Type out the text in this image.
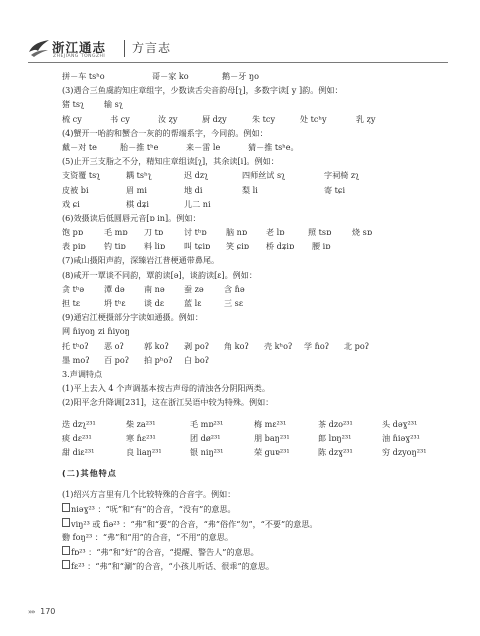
浙江通志
ZHEJIANG TONGZHI
方言志
拼－车 tsʰo	哥－家 ko	鹅－牙 ŋo
(3)遇合三鱼虞韵知庄章组字，少数读舌尖音韵母[ʅ]，多数字读[ y ]韵。例如：
猪 tsʅ	输 sʅ
梳 cy	书 cy	汝 ȥy	厨 dȥy	朱 tcy	处 tcʰy	乳 ȥy
(4)蟹开一咍韵和蟹合一灰韵的帮端系字，今同韵。例如：
戴－对 te	胎－推 tʰe	来－雷 le	猜－推 tsʰe。
(5)止开三支脂之不分，精知庄章组读[ʅ]，其余读[i]。例如：
支资覆 tsʅ	耦 tsʰʅ	迟 dzʅ	四师丝试 sʅ	字祠椅 zʅ
皮被 bi	眉 mi	地 di	梨 li	寄 tɕi
戏 ɕi	棋 dʑi	儿二 ni
(6)效摄读后低圆唇元音[ɒ in]。例如：
饱 pɒ	毛 mɒ	刀 tɒ	讨 tʰɒ	脑 nɒ	老 lɒ	照 tsɒ	烧 sɒ
表 piɒ	钓 tiɒ	料 liɒ	叫 tɕiɒ	笑 ɕiɒ	桥 dʑiɒ	腰 iɒ
(7)咸山摄阳声韵，深臻岩江普梗通带鼻尾。
(8)咸开一覃谈不同韵，覃韵读[ə]，谈韵读[ɛ]。例如：
贪 tʰə	潭 də	南 nə	蚕 zə	含 ɦə
担 tɛ	坍 tʰɛ	谈 dɛ	蓝 lɛ	三 sɛ
(9)通宕江梗摄部分字读如通摄。例如：
网 ɦiyoŋ zi ɦiyoŋ
托 tʰoʔ	恶 oʔ	郭 koʔ	剥 poʔ	角 koʔ	壳 kʰoʔ	学 ɦoʔ	北 poʔ
墨 moʔ	百 poʔ	拍 pʰoʔ	白 boʔ
3.声调特点
(1)平上去入 4 个声调基本按古声母的清浊各分阴阳两类。
(2)阳平念升降调[231]，这在浙江吴语中较为特殊。例如：
迭 dzʅ²³¹	柴 za²³¹	毛 mɒ²³¹	梅 mɛ²³¹	茶 dzo²³¹	头 dəɣ²³¹
痰 dɛ²³¹	寒 ɦɛ²³¹	团 dø²³¹	朋 baŋ²³¹	郎 lɒŋ²³¹	油 ɦiəɣ²³¹
甜 diɛ²³¹	良 liaŋ²³¹	银 niŋ²³¹	荣 guɐ²³¹	陈 dzɣ²³¹	穷 dzyoŋ²³¹
(二)其他特点
(1)绍兴方言里有几个比较特殊的合音字。例如：
niəɣ²³ ：“呒”和“有”的合音，“没有”的意思。
viŋ²³ 或 fiə²³ ：“弗”和“要”的合音，“弗”俗作“勿”，“不要”的意思。
覅 foŋ²³ ：“弗”和“用”的合音，“不用”的意思。
fɒ²³ ：“弗”和“好”的合音，“提醒、警告人”的意思。
fɛ²³ ：“弗”和“涮”的合音，“小孩儿听话、很乖”的意思。
»» 170
